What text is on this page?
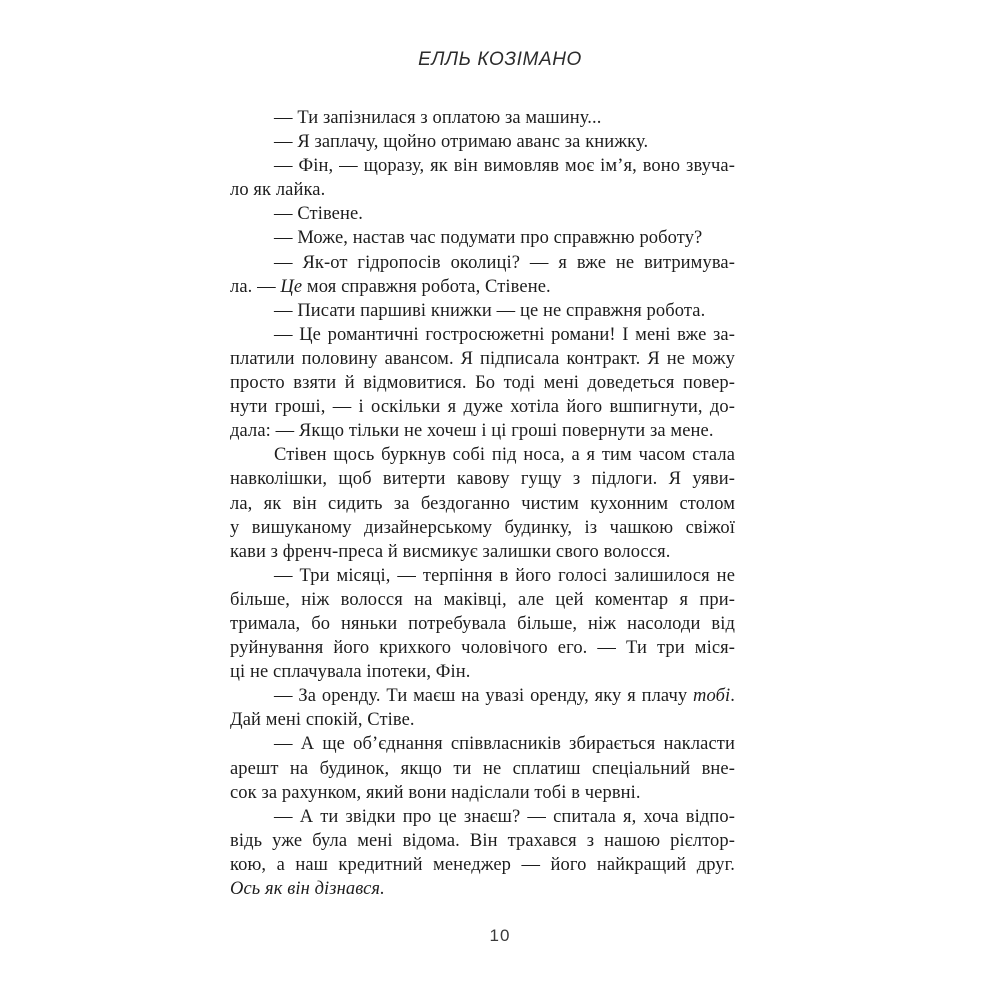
ЕЛЛЬ КОЗІМАНО
— Ти запізнилася з оплатою за машину...
— Я заплачу, щойно отримаю аванс за книжку.
— Фін, — щоразу, як він вимовляв моє ім’я, воно звуча-
ло як лайка.
— Стівене.
— Може, настав час подумати про справжню роботу?
— Як-от гідропосів околиці? — я вже не витримува-
ла. — Це моя справжня робота, Стівене.
— Писати паршиві книжки — це не справжня робота.
— Це романтичні гостросюжетні романи! І мені вже за-
платили половину авансом. Я підписала контракт. Я не можу
просто взяти й відмовитися. Бо тоді мені доведеться повер-
нути гроші, — і оскільки я дуже хотіла його вшпигнути, до-
дала: — Якщо тільки не хочеш і ці гроші повернути за мене.
Стівен щось буркнув собі під носа, а я тим часом стала
навколішки, щоб витерти кавову гущу з підлоги. Я уяви-
ла, як він сидить за бездоганно чистим кухонним столом
у вишуканому дизайнерському будинку, із чашкою свіжої
кави з френч-преса й висмикує залишки свого волосся.
— Три місяці, — терпіння в його голосі залишилося не
більше, ніж волосся на маківці, але цей коментар я при-
тримала, бо няньки потребувала більше, ніж насолоди від
руйнування його крихкого чоловічого его. — Ти три міся-
ці не сплачувала іпотеки, Фін.
— За оренду. Ти маєш на увазі оренду, яку я плачу тобі.
Дай мені спокій, Стіве.
— А ще об’єднання співвласників збирається накласти
арешт на будинок, якщо ти не сплатиш спеціальний вне-
сок за рахунком, який вони надіслали тобі в червні.
— А ти звідки про це знаєш? — спитала я, хоча відпо-
відь уже була мені відома. Він трахався з нашою рієлтор-
кою, а наш кредитний менеджер — його найкращий друг.
Ось як він дізнався.
10
